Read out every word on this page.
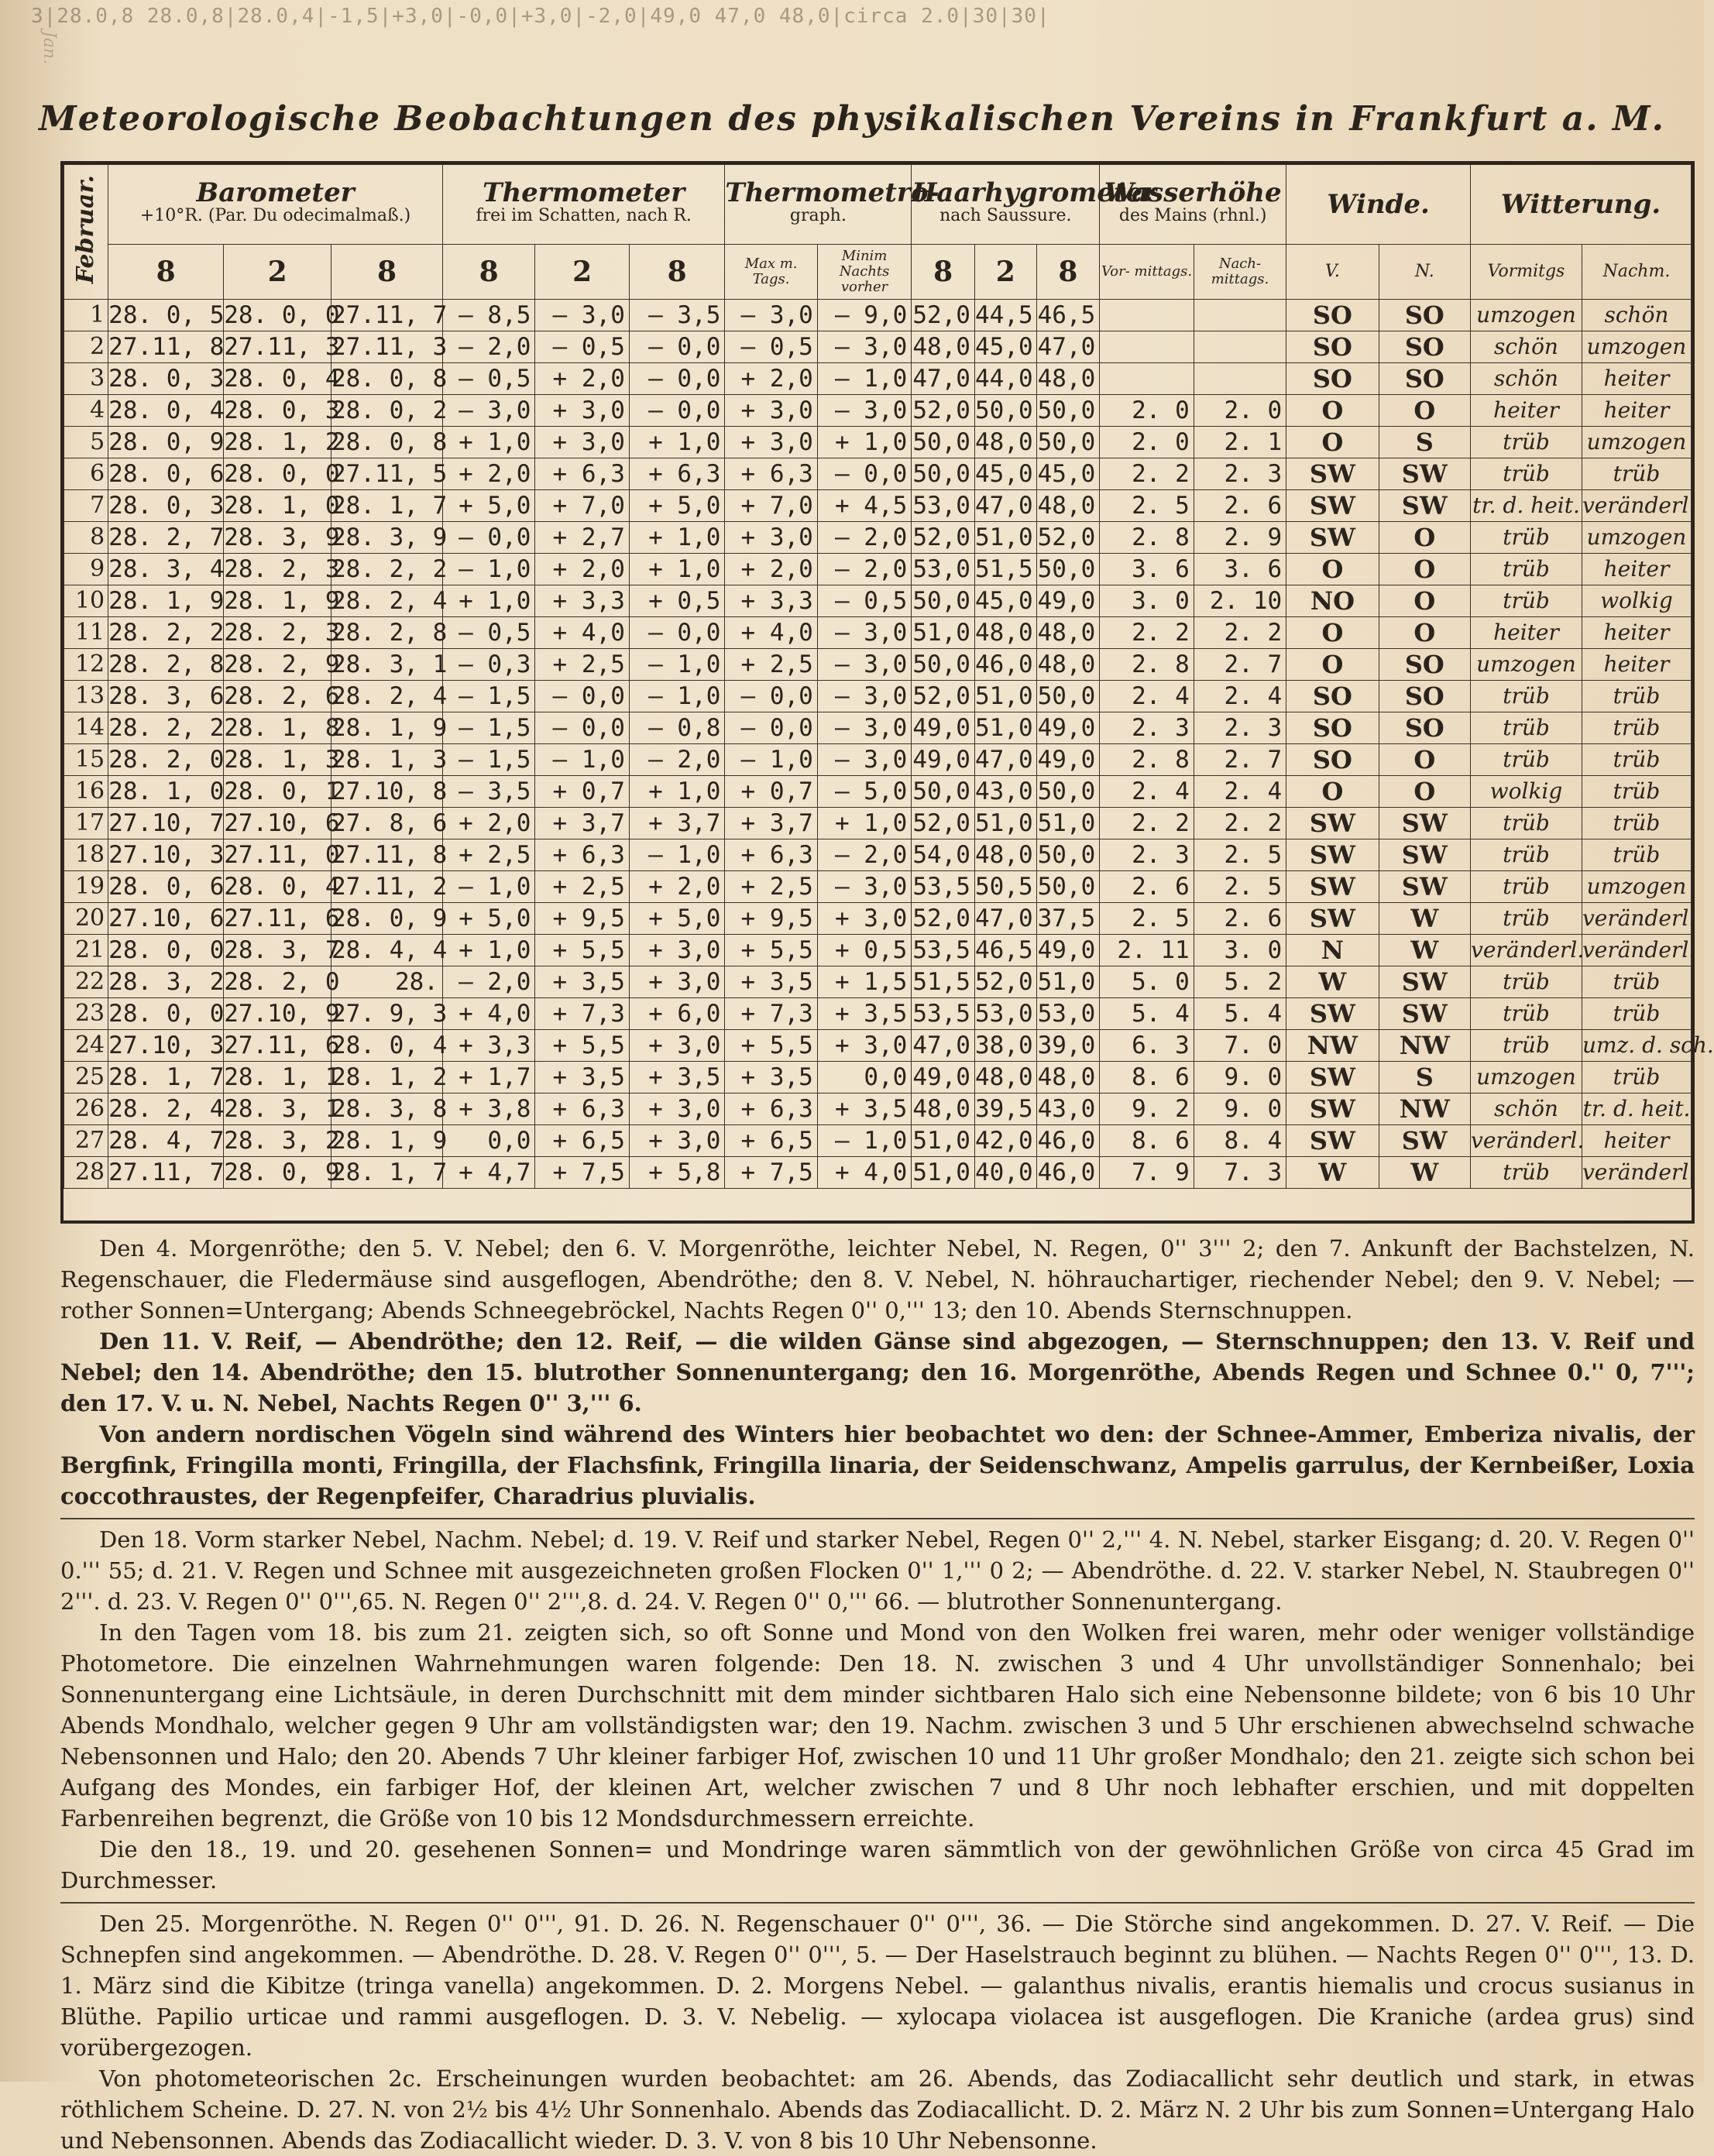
3|28.0,8 28.0,8|28.0,4|-1,5|+3,0|-0,0|+3,0|-2,0|49,0 47,0 48,0|circa 2.0|30|30|
Jan.
Meteorologische Beobachtungen des physikalischen Vereins in Frankfurt a. M.
Februar.	Barometer
+10°R. (Par. Du odecimalmaß.)			Thermometer
frei im Schatten, nach R.			Thermometro-
graph.		Haarhygrometer
nach Saussure.			Wasserhöhe
des Mains (rhnl.)		Winde.		Witterung.	

	8	2	8	8	2	8	Max m. Tags.	Minim Nachts vorher	8	2	8	Vor- mittags.	Nach- mittags.	V.	N.	Vormitgs	Nachm.
1	28. 0, 5	28. 0, 0	27.11, 7	— 8,5	— 3,0	— 3,5	— 3,0	— 9,0	52,0	44,5	46,5			SO	SO	umzogen	schön
2	27.11, 8	27.11, 3	27.11, 3	— 2,0	— 0,5	— 0,0	— 0,5	— 3,0	48,0	45,0	47,0			SO	SO	schön	umzogen
3	28. 0, 3	28. 0, 4	28. 0, 8	— 0,5	+ 2,0	— 0,0	+ 2,0	— 1,0	47,0	44,0	48,0			SO	SO	schön	heiter
4	28. 0, 4	28. 0, 3	28. 0, 2	— 3,0	+ 3,0	— 0,0	+ 3,0	— 3,0	52,0	50,0	50,0	2. 0	2. 0	O	O	heiter	heiter
5	28. 0, 9	28. 1, 2	28. 0, 8	+ 1,0	+ 3,0	+ 1,0	+ 3,0	+ 1,0	50,0	48,0	50,0	2. 0	2. 1	O	S	trüb	umzogen
6	28. 0, 6	28. 0, 0	27.11, 5	+ 2,0	+ 6,3	+ 6,3	+ 6,3	— 0,0	50,0	45,0	45,0	2. 2	2. 3	SW	SW	trüb	trüb
7	28. 0, 3	28. 1, 0	28. 1, 7	+ 5,0	+ 7,0	+ 5,0	+ 7,0	+ 4,5	53,0	47,0	48,0	2. 5	2. 6	SW	SW	tr. d. heit.	veränderl.
8	28. 2, 7	28. 3, 9	28. 3, 9	— 0,0	+ 2,7	+ 1,0	+ 3,0	— 2,0	52,0	51,0	52,0	2. 8	2. 9	SW	O	trüb	umzogen
9	28. 3, 4	28. 2, 3	28. 2, 2	— 1,0	+ 2,0	+ 1,0	+ 2,0	— 2,0	53,0	51,5	50,0	3. 6	3. 6	O	O	trüb	heiter
10	28. 1, 9	28. 1, 9	28. 2, 4	+ 1,0	+ 3,3	+ 0,5	+ 3,3	— 0,5	50,0	45,0	49,0	3. 0	2. 10	NO	O	trüb	wolkig
11	28. 2, 2	28. 2, 3	28. 2, 8	— 0,5	+ 4,0	— 0,0	+ 4,0	— 3,0	51,0	48,0	48,0	2. 2	2. 2	O	O	heiter	heiter
12	28. 2, 8	28. 2, 9	28. 3, 1	— 0,3	+ 2,5	— 1,0	+ 2,5	— 3,0	50,0	46,0	48,0	2. 8	2. 7	O	SO	umzogen	heiter
13	28. 3, 6	28. 2, 6	28. 2, 4	— 1,5	— 0,0	— 1,0	— 0,0	— 3,0	52,0	51,0	50,0	2. 4	2. 4	SO	SO	trüb	trüb
14	28. 2, 2	28. 1, 8	28. 1, 9	— 1,5	— 0,0	— 0,8	— 0,0	— 3,0	49,0	51,0	49,0	2. 3	2. 3	SO	SO	trüb	trüb
15	28. 2, 0	28. 1, 3	28. 1, 3	— 1,5	— 1,0	— 2,0	— 1,0	— 3,0	49,0	47,0	49,0	2. 8	2. 7	SO	O	trüb	trüb
16	28. 1, 0	28. 0, 1	27.10, 8	— 3,5	+ 0,7	+ 1,0	+ 0,7	— 5,0	50,0	43,0	50,0	2. 4	2. 4	O	O	wolkig	trüb
17	27.10, 7	27.10, 6	27. 8, 6	+ 2,0	+ 3,7	+ 3,7	+ 3,7	+ 1,0	52,0	51,0	51,0	2. 2	2. 2	SW	SW	trüb	trüb
18	27.10, 3	27.11, 0	27.11, 8	+ 2,5	+ 6,3	— 1,0	+ 6,3	— 2,0	54,0	48,0	50,0	2. 3	2. 5	SW	SW	trüb	trüb
19	28. 0, 6	28. 0, 4	27.11, 2	— 1,0	+ 2,5	+ 2,0	+ 2,5	— 3,0	53,5	50,5	50,0	2. 6	2. 5	SW	SW	trüb	umzogen
20	27.10, 6	27.11, 6	28. 0, 9	+ 5,0	+ 9,5	+ 5,0	+ 9,5	+ 3,0	52,0	47,0	37,5	2. 5	2. 6	SW	W	trüb	veränderl.
21	28. 0, 0	28. 3, 7	28. 4, 4	+ 1,0	+ 5,5	+ 3,0	+ 5,5	+ 0,5	53,5	46,5	49,0	2. 11	3. 0	N	W	veränderl.	veränderl.
22	28. 3, 2	28. 2, 0	28.	— 2,0	+ 3,5	+ 3,0	+ 3,5	+ 1,5	51,5	52,0	51,0	5. 0	5. 2	W	SW	trüb	trüb
23	28. 0, 0	27.10, 9	27. 9, 3	+ 4,0	+ 7,3	+ 6,0	+ 7,3	+ 3,5	53,5	53,0	53,0	5. 4	5. 4	SW	SW	trüb	trüb
24	27.10, 3	27.11, 6	28. 0, 4	+ 3,3	+ 5,5	+ 3,0	+ 5,5	+ 3,0	47,0	38,0	39,0	6. 3	7. 0	NW	NW	trüb	umz. d. sch.
25	28. 1, 7	28. 1, 1	28. 1, 2	+ 1,7	+ 3,5	+ 3,5	+ 3,5	0,0	49,0	48,0	48,0	8. 6	9. 0	SW	S	umzogen	trüb
26	28. 2, 4	28. 3, 1	28. 3, 8	+ 3,8	+ 6,3	+ 3,0	+ 6,3	+ 3,5	48,0	39,5	43,0	9. 2	9. 0	SW	NW	schön	tr. d. heit.
27	28. 4, 7	28. 3, 2	28. 1, 9	0,0	+ 6,5	+ 3,0	+ 6,5	— 1,0	51,0	42,0	46,0	8. 6	8. 4	SW	SW	veränderl.	heiter
28	27.11, 7	28. 0, 9	28. 1, 7	+ 4,7	+ 7,5	+ 5,8	+ 7,5	+ 4,0	51,0	40,0	46,0	7. 9	7. 3	W	W	trüb	veränderl.

Den 4. Morgenröthe; den 5. V. Nebel; den 6. V. Morgenröthe, leichter Nebel, N. Regen, 0'' 3''' 2; den 7. Ankunft der Bachstelzen, N. Regenschauer, die Fledermäuse sind ausgeflogen, Abendröthe; den 8. V. Nebel, N. höhrauchartiger, riechender Nebel; den 9. V. Nebel; — rother Sonnen=Untergang; Abends Schneegebröckel, Nachts Regen 0'' 0,''' 13; den 10. Abends Sternschnuppen.

Den 11. V. Reif, — Abendröthe; den 12. Reif, — die wilden Gänse sind abgezogen, — Sternschnuppen; den 13. V. Reif und Nebel; den 14. Abendröthe; den 15. blutrother Sonnenuntergang; den 16. Morgenröthe, Abends Regen und Schnee 0.'' 0, 7'''; den 17. V. u. N. Nebel, Nachts Regen 0'' 3,''' 6.

Von andern nordischen Vögeln sind während des Winters hier beobachtet wo den: der Schnee-Ammer, Emberiza nivalis, der Bergfink, Fringilla monti, Fringilla, der Flachsfink, Fringilla linaria, der Seidenschwanz, Ampelis garrulus, der Kernbeißer, Loxia coccothraustes, der Regenpfeifer, Charadrius pluvialis.

Den 18. Vorm starker Nebel, Nachm. Nebel; d. 19. V. Reif und starker Nebel, Regen 0'' 2,''' 4. N. Nebel, starker Eisgang; d. 20. V. Regen 0'' 0.''' 55; d. 21. V. Regen und Schnee mit ausgezeichneten großen Flocken 0'' 1,''' 0 2; — Abendröthe. d. 22. V. starker Nebel, N. Staubregen 0'' 2'''. d. 23. V. Regen 0'' 0''',65. N. Regen 0'' 2''',8. d. 24. V. Regen 0'' 0,''' 66. — blutrother Sonnenuntergang.

In den Tagen vom 18. bis zum 21. zeigten sich, so oft Sonne und Mond von den Wolken frei waren, mehr oder weniger vollständige Photometore. Die einzelnen Wahrnehmungen waren folgende: Den 18. N. zwischen 3 und 4 Uhr unvollständiger Sonnenhalo; bei Sonnenuntergang eine Lichtsäule, in deren Durchschnitt mit dem minder sichtbaren Halo sich eine Nebensonne bildete; von 6 bis 10 Uhr Abends Mondhalo, welcher gegen 9 Uhr am vollständigsten war; den 19. Nachm. zwischen 3 und 5 Uhr erschienen abwechselnd schwache Nebensonnen und Halo; den 20. Abends 7 Uhr kleiner farbiger Hof, zwischen 10 und 11 Uhr großer Mondhalo; den 21. zeigte sich schon bei Aufgang des Mondes, ein farbiger Hof, der kleinen Art, welcher zwischen 7 und 8 Uhr noch lebhafter erschien, und mit doppelten Farbenreihen begrenzt, die Größe von 10 bis 12 Mondsdurchmessern erreichte.

Die den 18., 19. und 20. gesehenen Sonnen= und Mondringe waren sämmtlich von der gewöhnlichen Größe von circa 45 Grad im Durchmesser.

Den 25. Morgenröthe. N. Regen 0'' 0''', 91. D. 26. N. Regenschauer 0'' 0''', 36. — Die Störche sind angekommen. D. 27. V. Reif. — Die Schnepfen sind angekommen. — Abendröthe. D. 28. V. Regen 0'' 0''', 5. — Der Haselstrauch beginnt zu blühen. — Nachts Regen 0'' 0''', 13. D. 1. März sind die Kibitze (tringa vanella) angekommen. D. 2. Morgens Nebel. — galanthus nivalis, erantis hiemalis und crocus susianus in Blüthe. Papilio urticae und rammi ausgeflogen. D. 3. V. Nebelig. — xylocapa violacea ist ausgeflogen. Die Kraniche (ardea grus) sind vorübergezogen.

Von photometeorischen 2c. Erscheinungen wurden beobachtet: am 26. Abends, das Zodiacallicht sehr deutlich und stark, in etwas röthlichem Scheine. D. 27. N. von 2½ bis 4½ Uhr Sonnenhalo. Abends das Zodiacallicht. D. 2. März N. 2 Uhr bis zum Sonnen=Untergang Halo und Nebensonnen. Abends das Zodiacallicht wieder. D. 3. V. von 8 bis 10 Uhr Nebensonne.
